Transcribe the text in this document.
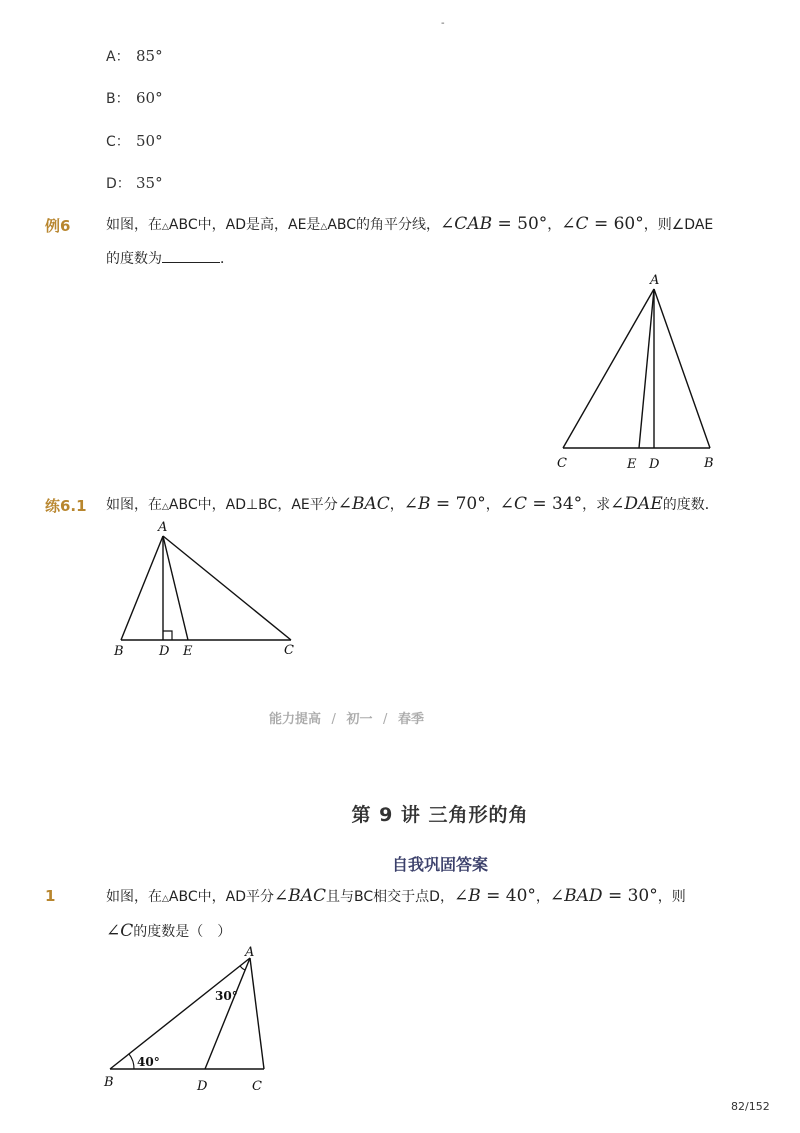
-
A： 85°
B： 60°
C： 50°
D： 35°
例6	如图，在△ABC中，AD是高，AE是△ABC的角平分线，∠CAB = 50°，∠C = 60°，则∠DAE
的度数为	．
A
C	E D	B
练6.1 如图，在△ABC中，AD⊥BC，AE平分∠BAC，∠B = 70°，∠C = 34°，求∠DAE的度数．
A
B	D E	C
能力提高 / 初一 / 春季
第 9 讲 三角形的角
自我巩固答案
1	如图，在△ABC中，AD平分∠BAC且与BC相交于点D，∠B = 40°，∠BAD = 30°，则
∠C的度数是（　）
A
B	D	C
30°
40°
82/152
